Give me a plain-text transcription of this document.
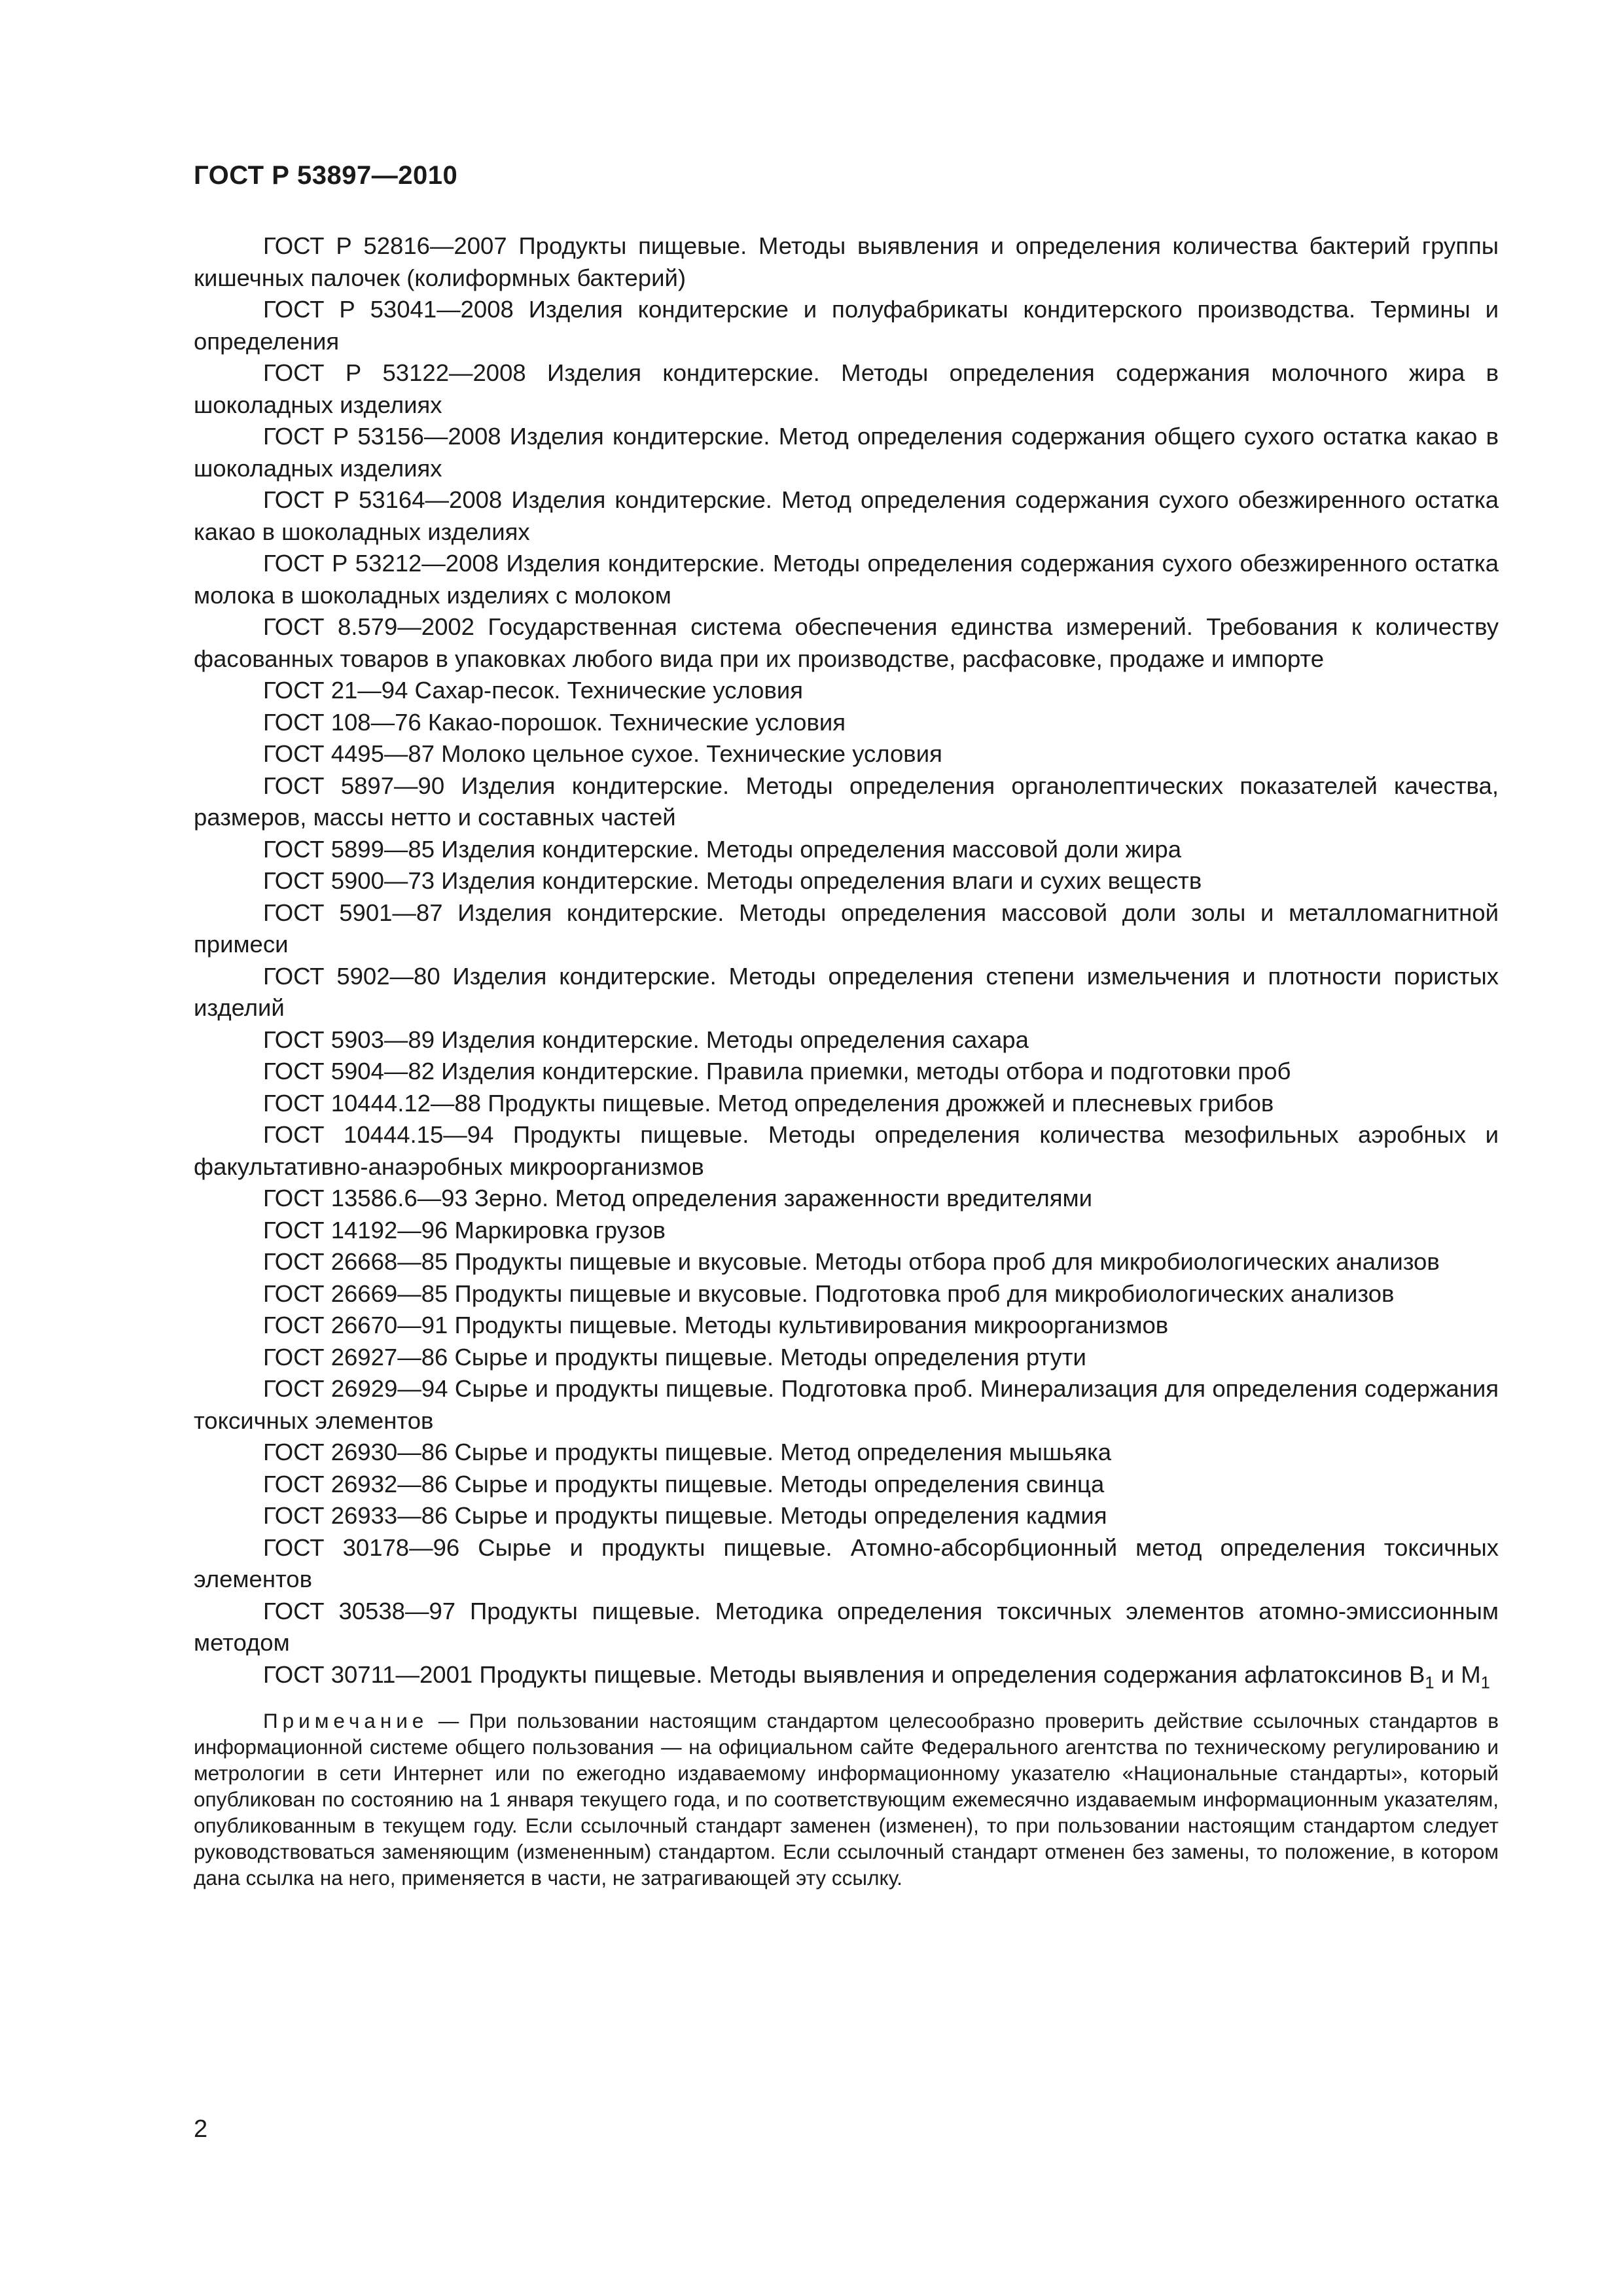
ГОСТ Р 53897—2010

ГОСТ Р 52816—2007 Продукты пищевые. Методы выявления и определения количества бактерий группы кишечных палочек (колиформных бактерий)

ГОСТ Р 53041—2008 Изделия кондитерские и полуфабрикаты кондитерского производства. Термины и определения

ГОСТ Р 53122—2008 Изделия кондитерские. Методы определения содержания молочного жира в шоколадных изделиях

ГОСТ Р 53156—2008 Изделия кондитерские. Метод определения содержания общего сухого остатка какао в шоколадных изделиях

ГОСТ Р 53164—2008 Изделия кондитерские. Метод определения содержания сухого обезжиренного остатка какао в шоколадных изделиях

ГОСТ Р 53212—2008 Изделия кондитерские. Методы определения содержания сухого обезжиренного остатка молока в шоколадных изделиях с молоком

ГОСТ 8.579—2002 Государственная система обеспечения единства измерений. Требования к количеству фасованных товаров в упаковках любого вида при их производстве, расфасовке, продаже и импорте

ГОСТ 21—94 Сахар-песок. Технические условия

ГОСТ 108—76 Какао-порошок. Технические условия

ГОСТ 4495—87 Молоко цельное сухое. Технические условия

ГОСТ 5897—90 Изделия кондитерские. Методы определения органолептических показателей качества, размеров, массы нетто и составных частей

ГОСТ 5899—85 Изделия кондитерские. Методы определения массовой доли жира

ГОСТ 5900—73 Изделия кондитерские. Методы определения влаги и сухих веществ

ГОСТ 5901—87 Изделия кондитерские. Методы определения массовой доли золы и металломагнитной примеси

ГОСТ 5902—80 Изделия кондитерские. Методы определения степени измельчения и плотности пористых изделий

ГОСТ 5903—89 Изделия кондитерские. Методы определения сахара

ГОСТ 5904—82 Изделия кондитерские. Правила приемки, методы отбора и подготовки проб

ГОСТ 10444.12—88 Продукты пищевые. Метод определения дрожжей и плесневых грибов

ГОСТ 10444.15—94 Продукты пищевые. Методы определения количества мезофильных аэробных и факультативно-анаэробных микроорганизмов

ГОСТ 13586.6—93 Зерно. Метод определения зараженности вредителями

ГОСТ 14192—96 Маркировка грузов

ГОСТ 26668—85 Продукты пищевые и вкусовые. Методы отбора проб для микробиологических анализов

ГОСТ 26669—85 Продукты пищевые и вкусовые. Подготовка проб для микробиологических анализов

ГОСТ 26670—91 Продукты пищевые. Методы культивирования микроорганизмов

ГОСТ 26927—86 Сырье и продукты пищевые. Методы определения ртути

ГОСТ 26929—94 Сырье и продукты пищевые. Подготовка проб. Минерализация для определения содержания токсичных элементов

ГОСТ 26930—86 Сырье и продукты пищевые. Метод определения мышьяка

ГОСТ 26932—86 Сырье и продукты пищевые. Методы определения свинца

ГОСТ 26933—86 Сырье и продукты пищевые. Методы определения кадмия

ГОСТ 30178—96 Сырье и продукты пищевые. Атомно-абсорбционный метод определения токсичных элементов

ГОСТ 30538—97 Продукты пищевые. Методика определения токсичных элементов атомно-эмиссионным методом

ГОСТ 30711—2001 Продукты пищевые. Методы выявления и определения содержания афлатоксинов $В_1$ и $М_1$

Примечание — При пользовании настоящим стандартом целесообразно проверить действие ссылочных стандартов в информационной системе общего пользования — на официальном сайте Федерального агентства по техническому регулированию и метрологии в сети Интернет или по ежегодно издаваемому информационному указателю «Национальные стандарты», который опубликован по состоянию на 1 января текущего года, и по соответствующим ежемесячно издаваемым информационным указателям, опубликованным в текущем году. Если ссылочный стандарт заменен (изменен), то при пользовании настоящим стандартом следует руководствоваться заменяющим (измененным) стандартом. Если ссылочный стандарт отменен без замены, то положение, в котором дана ссылка на него, применяется в части, не затрагивающей эту ссылку.
2
